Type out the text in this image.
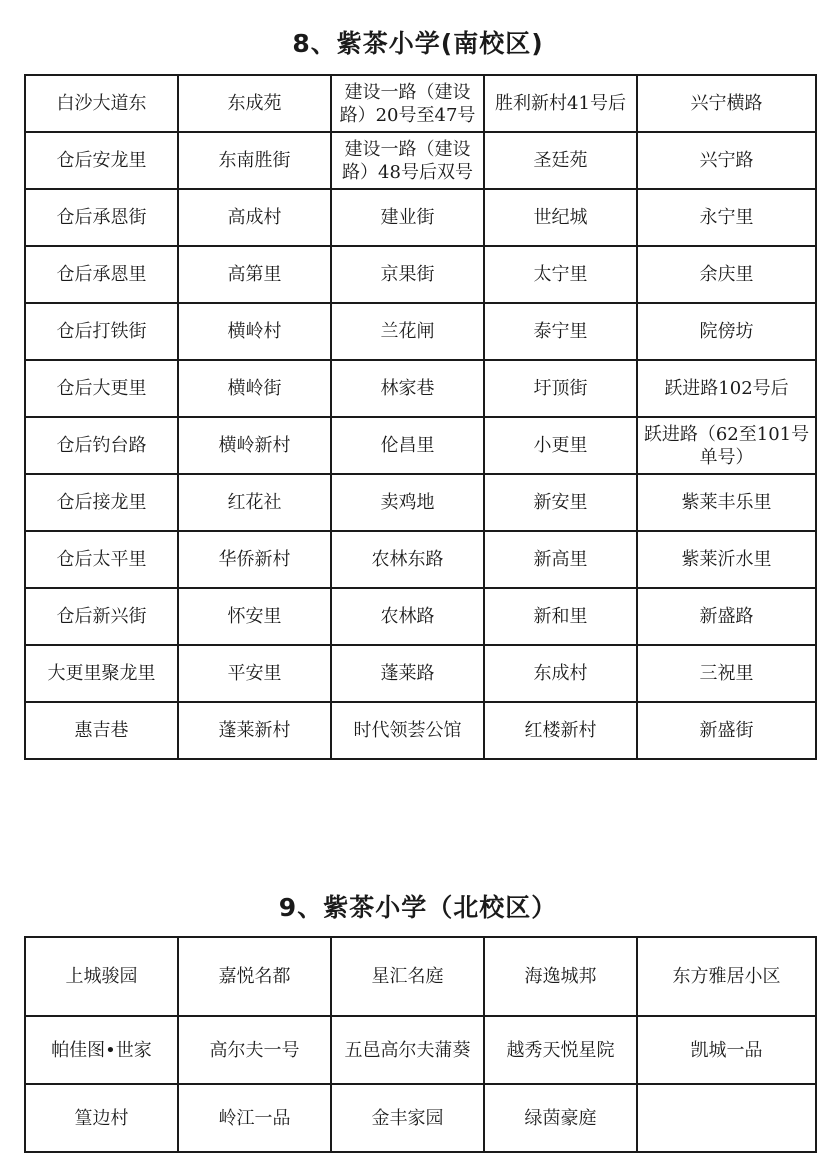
8、紫茶小学(南校区)
白沙大道东	东成苑	建设一路（建设路）20号至47号	胜利新村41号后	兴宁横路
仓后安龙里	东南胜街	建设一路（建设路）48号后双号	圣廷苑	兴宁路
仓后承恩街	高成村	建业街	世纪城	永宁里
仓后承恩里	高第里	京果街	太宁里	余庆里
仓后打铁街	横岭村	兰花闸	泰宁里	院傍坊
仓后大更里	横岭街	林家巷	圩顶街	跃进路102号后
仓后钓台路	横岭新村	伦昌里	小更里	跃进路（62至101号单号）
仓后接龙里	红花社	卖鸡地	新安里	紫莱丰乐里
仓后太平里	华侨新村	农林东路	新高里	紫莱沂水里
仓后新兴街	怀安里	农林路	新和里	新盛路
大更里聚龙里	平安里	蓬莱路	东成村	三祝里
惠吉巷	蓬莱新村	时代领荟公馆	红楼新村	新盛街
9、紫茶小学（北校区）
上城骏园	嘉悦名都	星汇名庭	海逸城邦	东方雅居小区
帕佳图•世家	高尔夫一号	五邑高尔夫蒲葵	越秀天悦星院	凯城一品
篁边村	岭江一品	金丰家园	绿茵豪庭	
